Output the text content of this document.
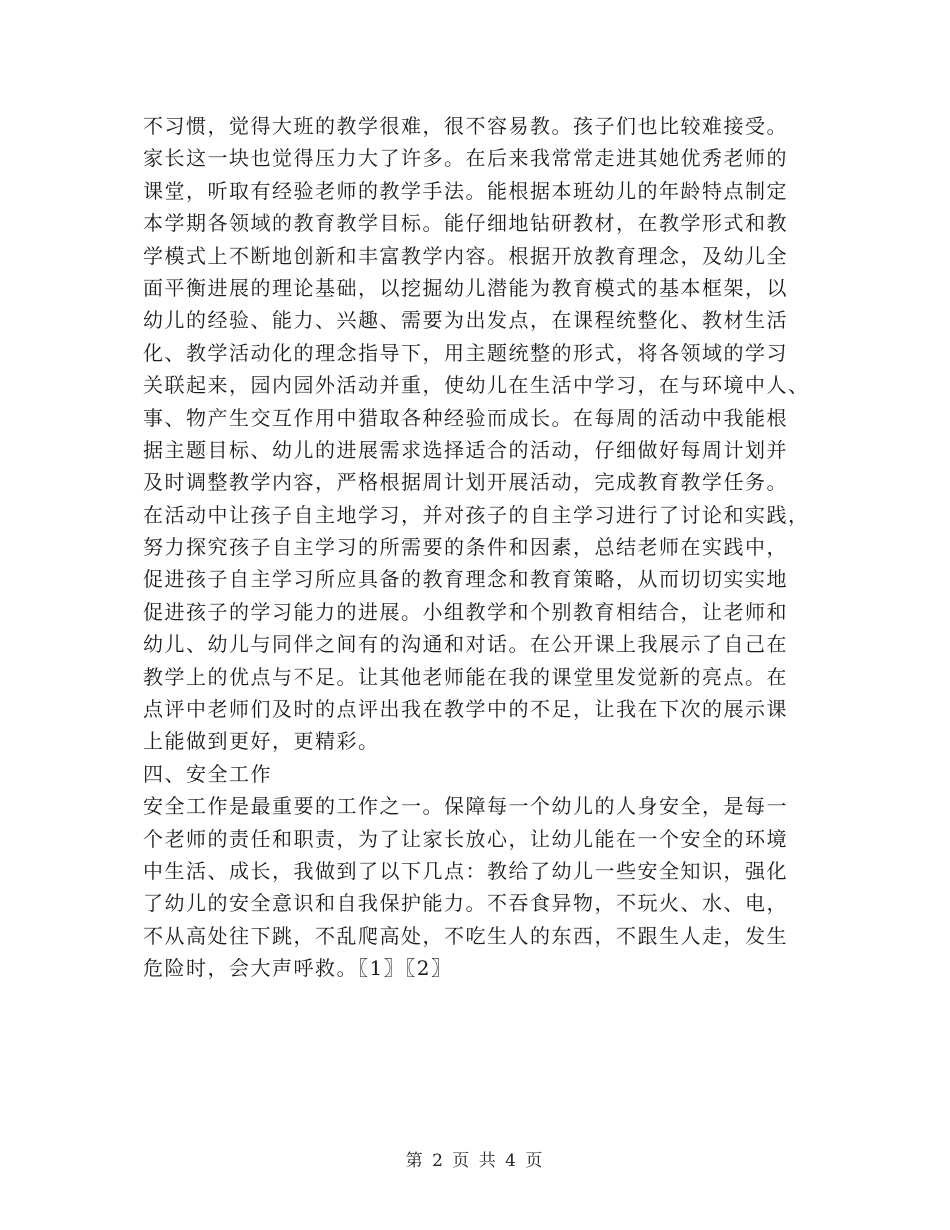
不习惯，觉得大班的教学很难，很不容易教。孩子们也比较难接受。
家长这一块也觉得压力大了许多。在后来我常常走进其她优秀老师的
课堂，听取有经验老师的教学手法。能根据本班幼儿的年龄特点制定
本学期各领域的教育教学目标。能仔细地钻研教材，在教学形式和教
学模式上不断地创新和丰富教学内容。根据开放教育理念，及幼儿全
面平衡进展的理论基础，以挖掘幼儿潜能为教育模式的基本框架，以
幼儿的经验、能力、兴趣、需要为出发点，在课程统整化、教材生活
化、教学活动化的理念指导下，用主题统整的形式，将各领域的学习
关联起来，园内园外活动并重，使幼儿在生活中学习，在与环境中人、
事、物产生交互作用中猎取各种经验而成长。在每周的活动中我能根
据主题目标、幼儿的进展需求选择适合的活动，仔细做好每周计划并
及时调整教学内容，严格根据周计划开展活动，完成教育教学任务。
在活动中让孩子自主地学习，并对孩子的自主学习进行了讨论和实践，
努力探究孩子自主学习的所需要的条件和因素，总结老师在实践中，
促进孩子自主学习所应具备的教育理念和教育策略，从而切切实实地
促进孩子的学习能力的进展。小组教学和个别教育相结合，让老师和
幼儿、幼儿与同伴之间有的沟通和对话。在公开课上我展示了自己在
教学上的优点与不足。让其他老师能在我的课堂里发觉新的亮点。在
点评中老师们及时的点评出我在教学中的不足，让我在下次的展示课
上能做到更好，更精彩。
四、安全工作
安全工作是最重要的工作之一。保障每一个幼儿的人身安全，是每一
个老师的责任和职责，为了让家长放心，让幼儿能在一个安全的环境
中生活、成长，我做到了以下几点：教给了幼儿一些安全知识，强化
了幼儿的安全意识和自我保护能力。不吞食异物，不玩火、水、电，
不从高处往下跳，不乱爬高处，不吃生人的东西，不跟生人走，发生
危险时，会大声呼救。〖1〗〖2〗
第 2 页 共 4 页
